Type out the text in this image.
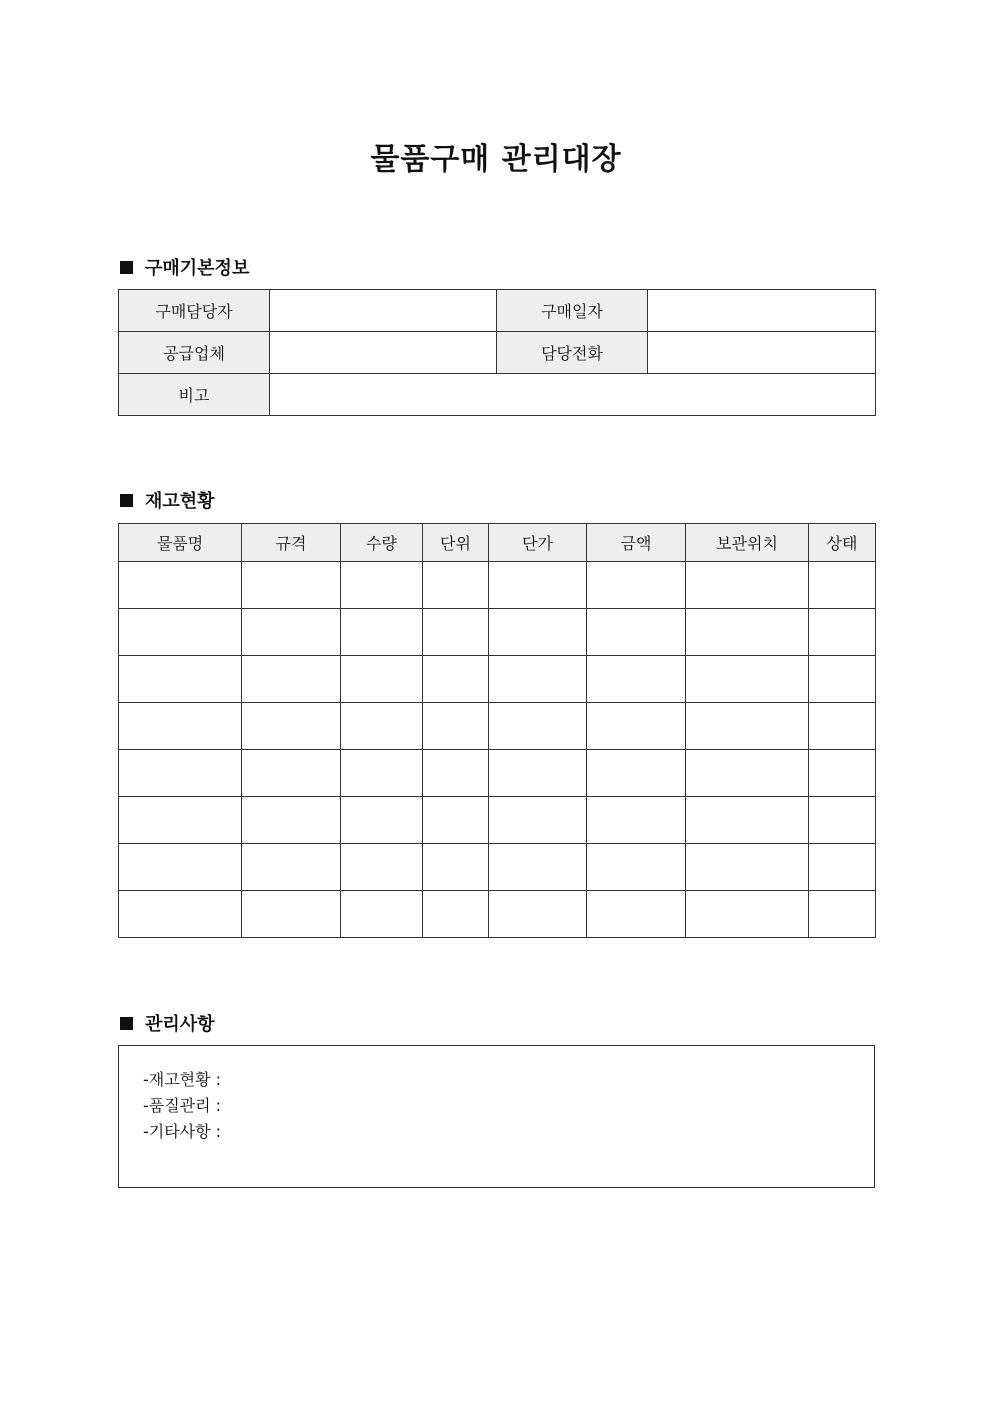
물품구매 관리대장
구매기본정보
구매담당자		구매일자	
공급업체		담당전화	
비고			
재고현황
물품명	규격	수량	단위	단가	금액	보관위치	상태

관리사항
-재고현황 :
-품질관리 :
-기타사항 :
